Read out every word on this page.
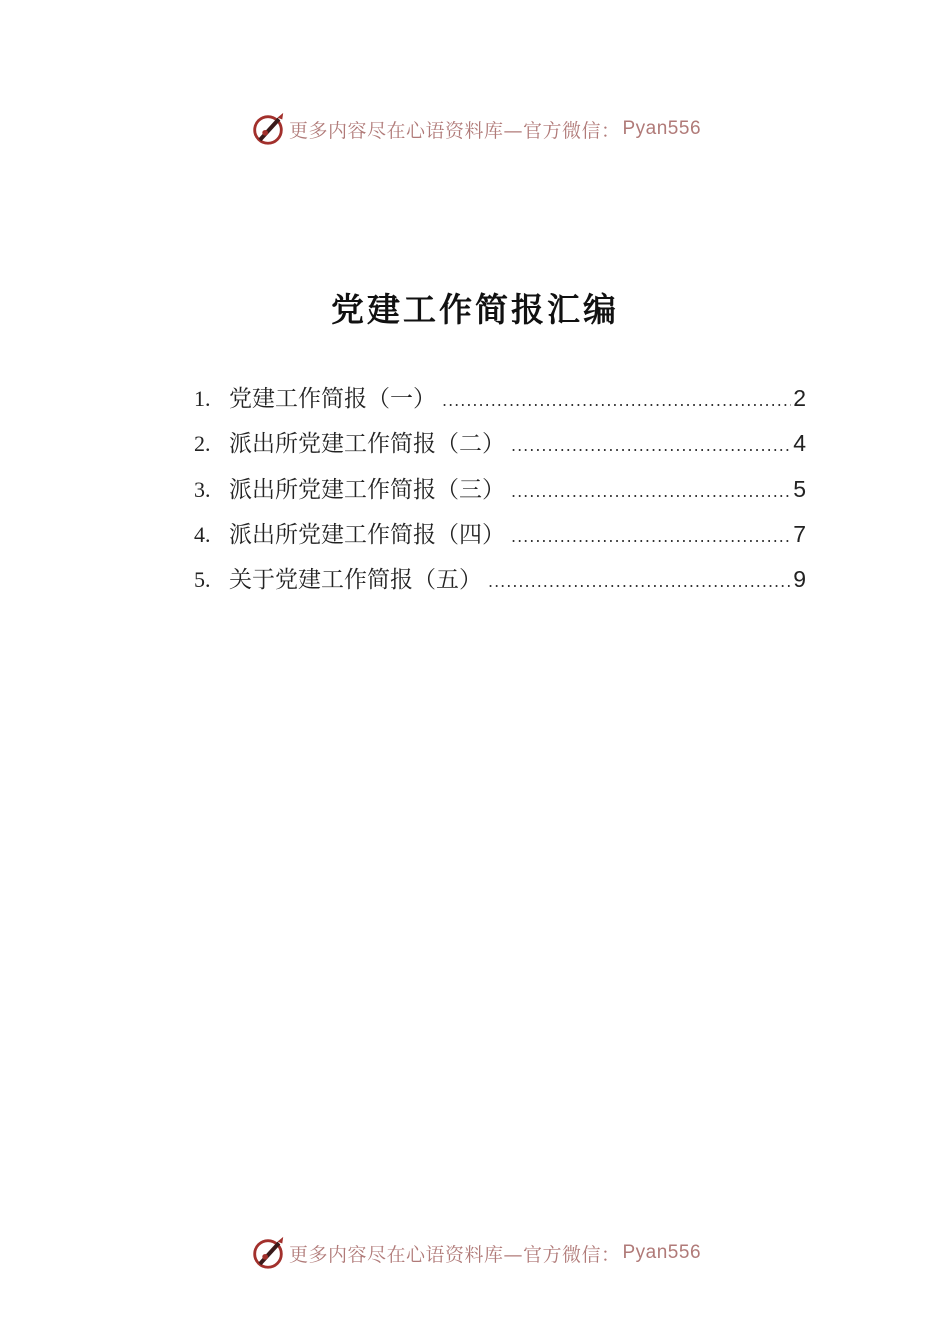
更多内容尽在心语资料库—官方微信： Pyan556
党建工作简报汇编
1. 党建工作简报（一） .....	2
2. 派出所党建工作简报（二） .....	4
3. 派出所党建工作简报（三） .....	5
4. 派出所党建工作简报（四） .....	7
5. 关于党建工作简报（五） .....	9
更多内容尽在心语资料库—官方微信： Pyan556
